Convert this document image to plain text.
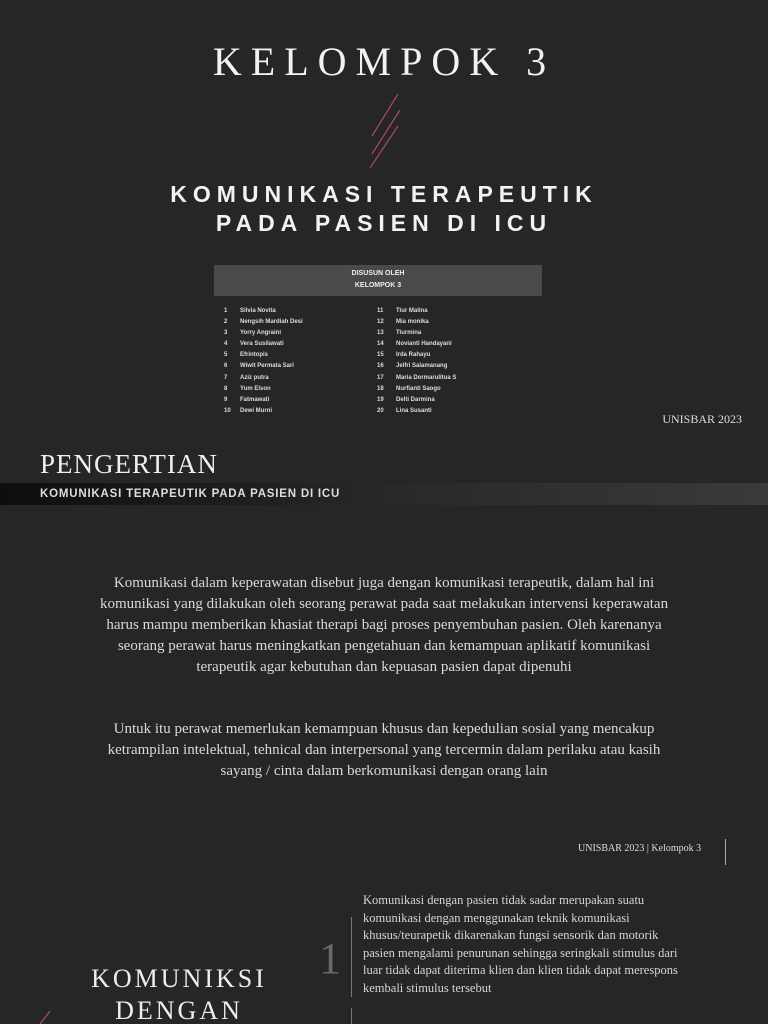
KELOMPOK 3
KOMUNIKASI TERAPEUTIK
PADA PASIEN DI ICU
DISUSUN OLEH
KELOMPOK 3
1	Silvia Novita	11	Tiur Malina
2	Nengsih Mardiah Desi	12	Mia monika
3	Yorry Angraini	13	Tiurmina
4	Vera Susilawati	14	Novianti Handayani
5	Efrintopis	15	Irda Rahayu
6	Wiwit Permata Sari	16	Jelfri Salamanang
7	Aziz putra	17	Maria Dormarulitua S
8	Yum Elson	18	Nurfianti Saogo
9	Fatmawati	19	Delti Darmina
10	Dewi Murni	20	Lina Susanti
UNISBAR 2023
PENGERTIAN
KOMUNIKASI TERAPEUTIK PADA PASIEN DI ICU
Komunikasi dalam keperawatan disebut juga dengan komunikasi terapeutik, dalam hal ini
komunikasi yang dilakukan oleh seorang perawat pada saat melakukan intervensi keperawatan
harus mampu memberikan khasiat therapi bagi proses penyembuhan pasien. Oleh karenanya
seorang perawat harus meningkatkan pengetahuan dan kemampuan aplikatif komunikasi
terapeutik agar kebutuhan dan kepuasan pasien dapat dipenuhi
Untuk itu perawat memerlukan kemampuan khusus dan kepedulian sosial yang mencakup
ketrampilan intelektual, tehnical dan interpersonal yang tercermin dalam perilaku atau kasih
sayang / cinta dalam berkomunikasi dengan orang lain
UNISBAR 2023 | Kelompok 3
KOMUNIKSI
DENGAN
1
Komunikasi dengan pasien tidak sadar merupakan suatu
komunikasi dengan menggunakan teknik komunikasi
khusus/teurapetik dikarenakan fungsi sensorik dan motorik
pasien mengalami penurunan sehingga seringkali stimulus dari
luar tidak dapat diterima klien dan klien tidak dapat merespons
kembali stimulus tersebut
